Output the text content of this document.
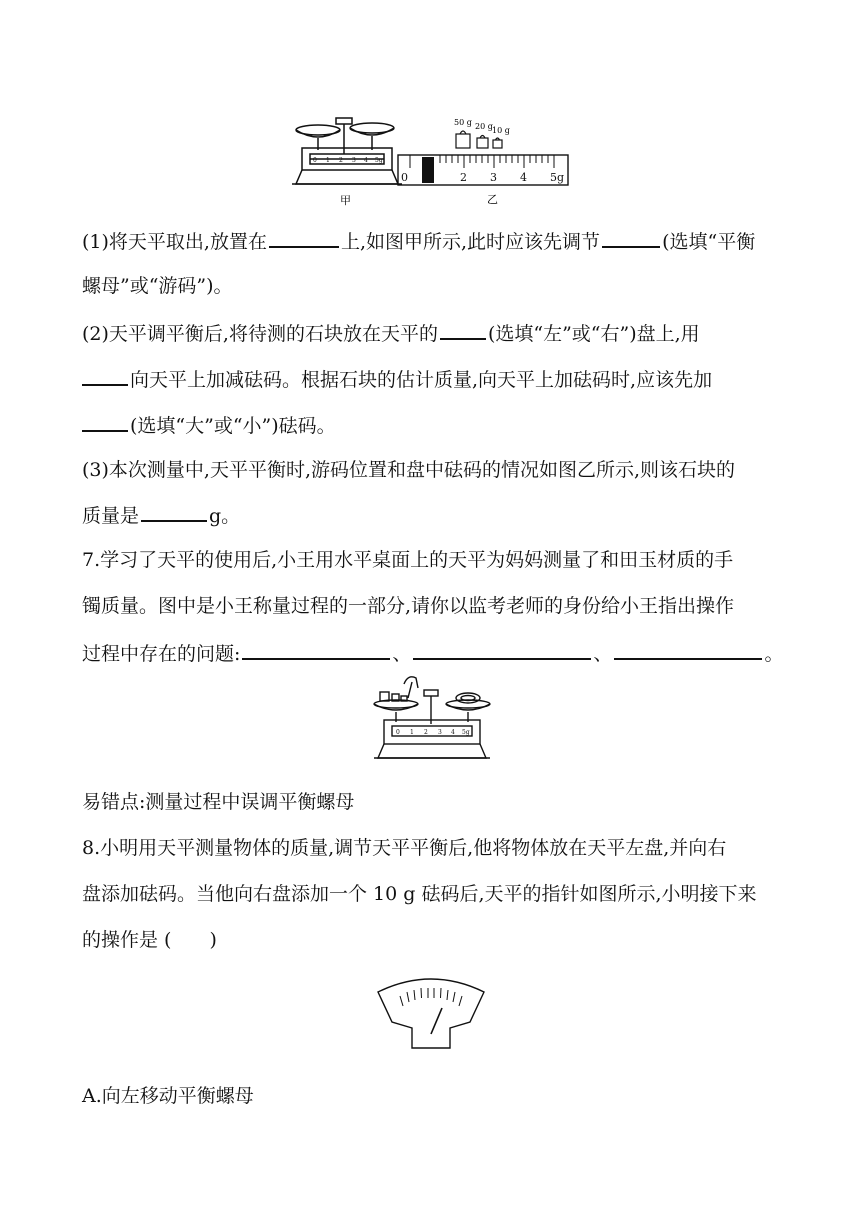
甲
0 1 2 3 4 5g
50 g 20 g 10 g
0	2 3 4 5g
乙
(1)将天平取出,放置在	上,如图甲所示,此时应该先调节	(选填“平衡
螺母”或“游码”)。
(2)天平调平衡后,将待测的石块放在天平的	(选填“左”或“右”)盘上,用
向天平上加减砝码。根据石块的估计质量,向天平上加砝码时,应该先加
(选填“大”或“小”)砝码。
(3)本次测量中,天平平衡时,游码位置和盘中砝码的情况如图乙所示,则该石块的
质量是	g。
7.学习了天平的使用后,小王用水平桌面上的天平为妈妈测量了和田玉材质的手
镯质量。图中是小王称量过程的一部分,请你以监考老师的身份给小王指出操作
过程中存在的问题:	、	、	。
0 1 2 3 4 5g
易错点:测量过程中误调平衡螺母
8.小明用天平测量物体的质量,调节天平平衡后,他将物体放在天平左盘,并向右
盘添加砝码。当他向右盘添加一个 10 g 砝码后,天平的指针如图所示,小明接下来
的操作是 (　　)
A.向左移动平衡螺母
